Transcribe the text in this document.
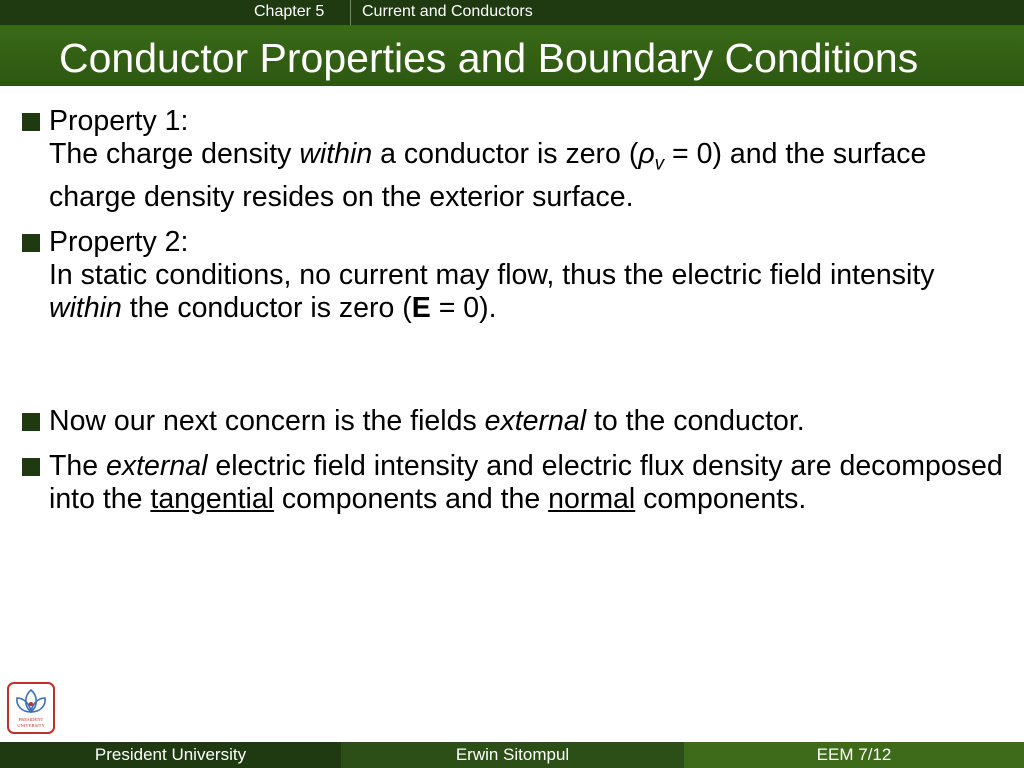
Chapter 5 Current and Conductors
Conductor Properties and Boundary Conditions
Property 1:
The charge density within a conductor is zero $(\rho_v = 0)$ and the surface charge density resides on the exterior surface.
Property 2:
In static conditions, no current may flow, thus the electric field intensity within the conductor is zero (E = 0).
Now our next concern is the fields external to the conductor.
The external electric field intensity and electric flux density are decomposed into the tangential components and the normal components.
PRESIDENT
UNIVERSITY
President University	Erwin Sitompul	EEM 7/12
